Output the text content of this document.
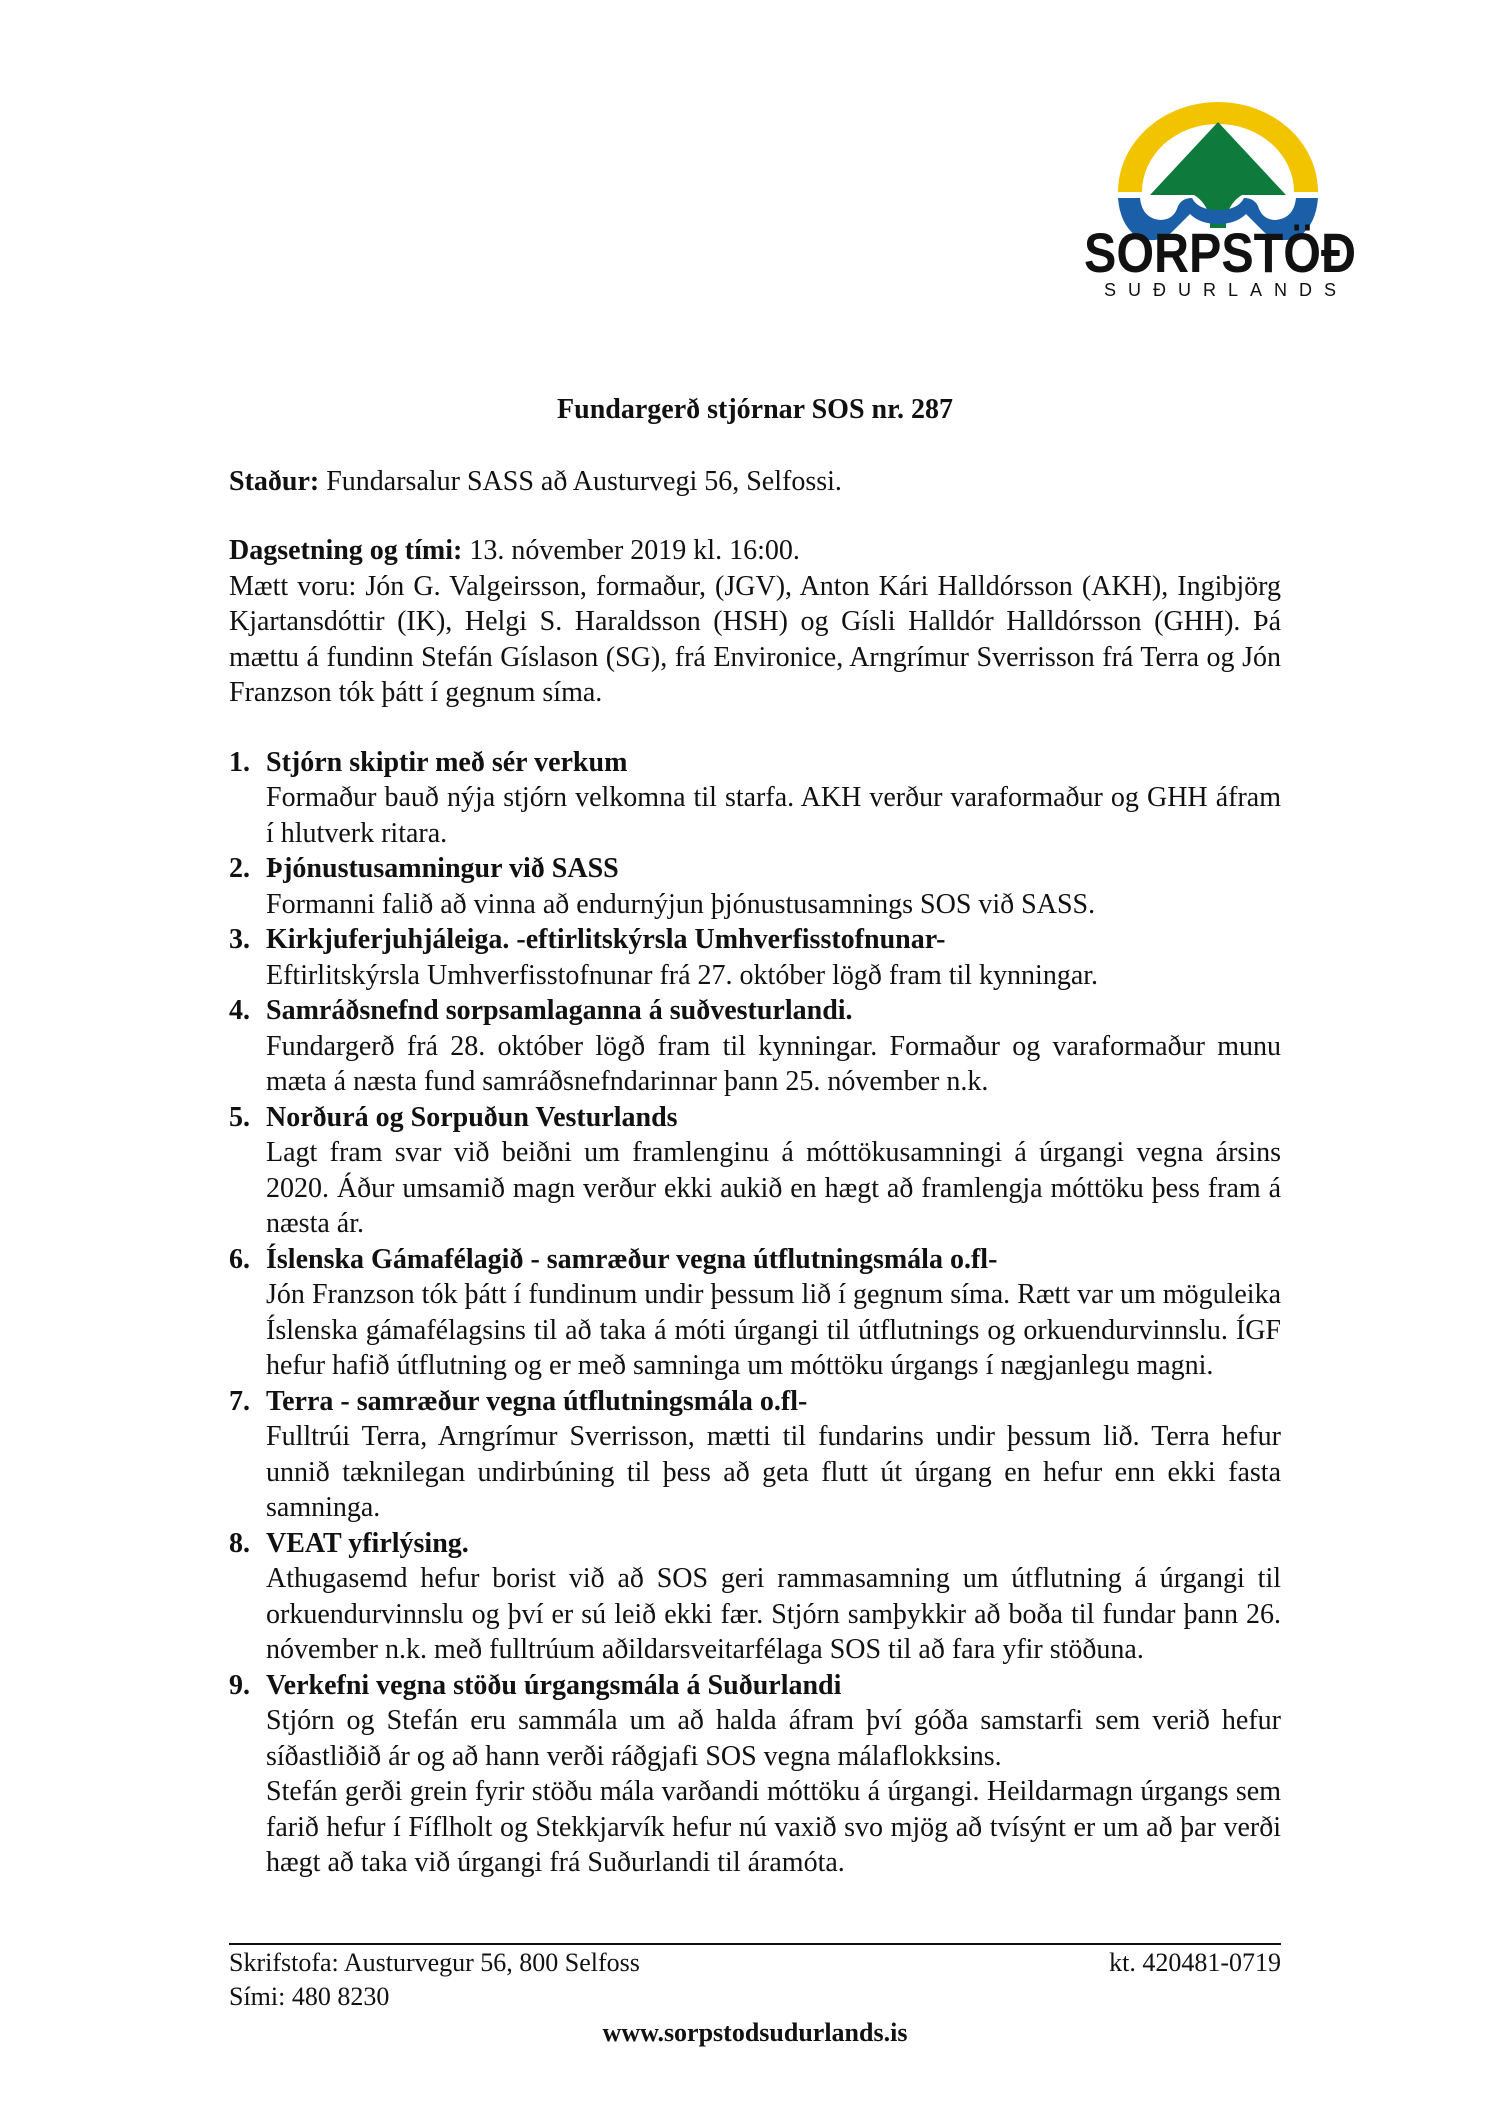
SORPSTÖÐ
SUÐURLANDS

Fundargerð stjórnar SOS nr. 287

Staður: Fundarsalur SASS að Austurvegi 56, Selfossi.

Dagsetning og tími: 13. nóvember 2019 kl. 16:00.

Mætt voru: Jón G. Valgeirsson, formaður, (JGV), Anton Kári Halldórsson (AKH), Ingibjörg Kjartansdóttir (IK), Helgi S. Haraldsson (HSH) og Gísli Halldór Halldórsson (GHH). Þá mættu á fundinn Stefán Gíslason (SG), frá Environice, Arngrímur Sverrisson frá Terra og Jón Franzson tók þátt í gegnum síma.

1. Stjórn skiptir með sér verkum
Formaður bauð nýja stjórn velkomna til starfa. AKH verður varaformaður og GHH áfram í hlutverk ritara.
2. Þjónustusamningur við SASS
Formanni falið að vinna að endurnýjun þjónustusamnings SOS við SASS.
3. Kirkjuferjuhjáleiga. -eftirlitskýrsla Umhverfisstofnunar-
Eftirlitskýrsla Umhverfisstofnunar frá 27. október lögð fram til kynningar.
4. Samráðsnefnd sorpsamlaganna á suðvesturlandi.
Fundargerð frá 28. október lögð fram til kynningar. Formaður og varaformaður munu mæta á næsta fund samráðsnefndarinnar þann 25. nóvember n.k.
5. Norðurá og Sorpuðun Vesturlands
Lagt fram svar við beiðni um framlenginu á móttökusamningi á úrgangi vegna ársins 2020. Áður umsamið magn verður ekki aukið en hægt að framlengja móttöku þess fram á næsta ár.
6. Íslenska Gámafélagið - samræður vegna útflutningsmála o.fl-
Jón Franzson tók þátt í fundinum undir þessum lið í gegnum síma. Rætt var um möguleika Íslenska gámafélagsins til að taka á móti úrgangi til útflutnings og orkuendurvinnslu. ÍGF hefur hafið útflutning og er með samninga um móttöku úrgangs í nægjanlegu magni.
7. Terra - samræður vegna útflutningsmála o.fl-
Fulltrúi Terra, Arngrímur Sverrisson, mætti til fundarins undir þessum lið. Terra hefur unnið tæknilegan undirbúning til þess að geta flutt út úrgang en hefur enn ekki fasta samninga.
8. VEAT yfirlýsing.
Athugasemd hefur borist við að SOS geri rammasamning um útflutning á úrgangi til orkuendurvinnslu og því er sú leið ekki fær. Stjórn samþykkir að boða til fundar þann 26. nóvember n.k. með fulltrúum aðildarsveitarfélaga SOS til að fara yfir stöðuna.
9. Verkefni vegna stöðu úrgangsmála á Suðurlandi
Stjórn og Stefán eru sammála um að halda áfram því góða samstarfi sem verið hefur síðastliðið ár og að hann verði ráðgjafi SOS vegna málaflokksins.
Stefán gerði grein fyrir stöðu mála varðandi móttöku á úrgangi. Heildarmagn úrgangs sem farið hefur í Fíflholt og Stekkjarvík hefur nú vaxið svo mjög að tvísýnt er um að þar verði hægt að taka við úrgangi frá Suðurlandi til áramóta.
Skrifstofa: Austurvegur 56, 800 Selfoss	kt. 420481-0719
Sími: 480 8230
www.sorpstodsudurlands.is
